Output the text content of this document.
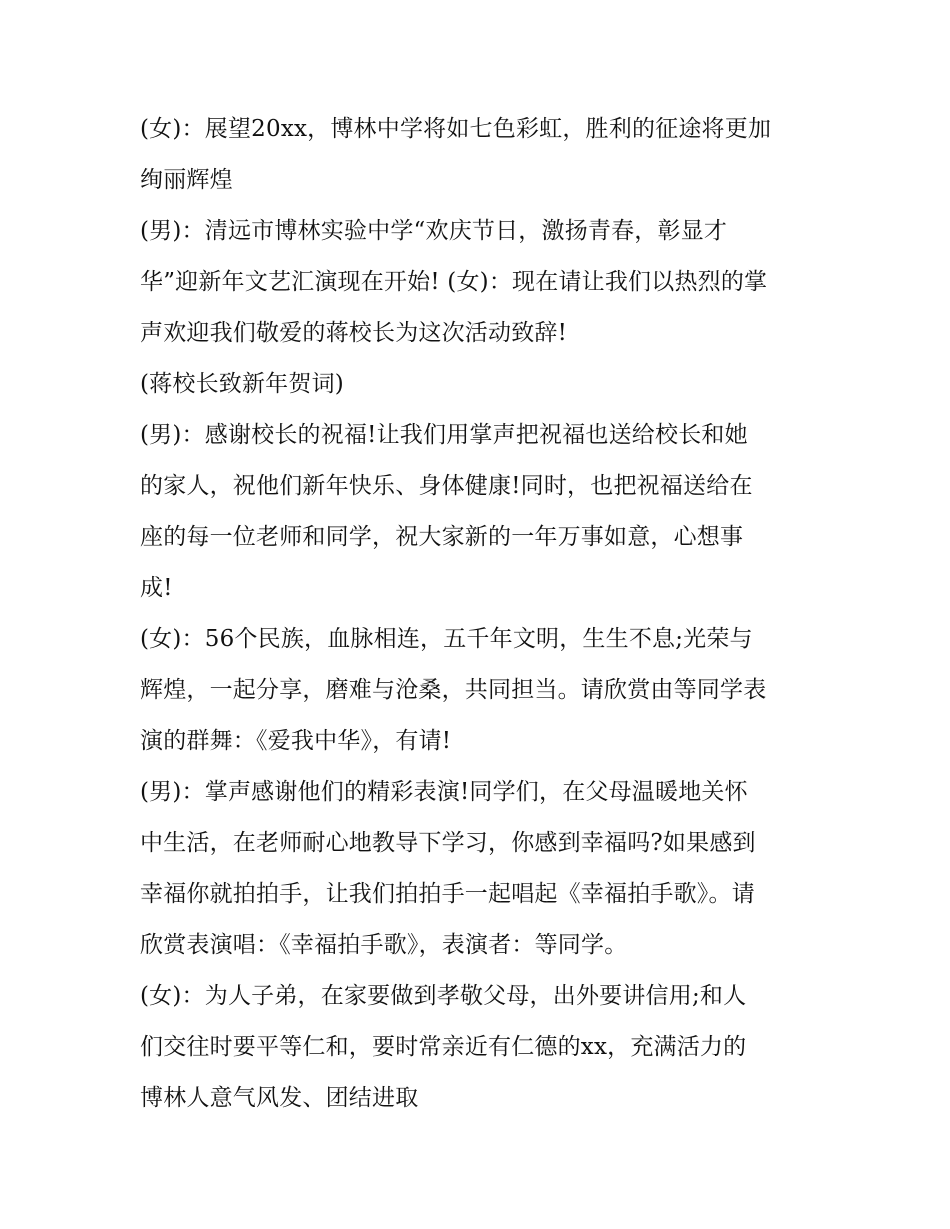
(女)：展望20xx，博林中学将如七色彩虹，胜利的征途将更加
绚丽辉煌
(男)：清远市博林实验中学“欢庆节日，激扬青春，彰显才
华”迎新年文艺汇演现在开始! (女)：现在请让我们以热烈的掌
声欢迎我们敬爱的蒋校长为这次活动致辞!
(蒋校长致新年贺词)
(男)：感谢校长的祝福!让我们用掌声把祝福也送给校长和她
的家人，祝他们新年快乐、身体健康!同时，也把祝福送给在
座的每一位老师和同学，祝大家新的一年万事如意，心想事
成!
(女)：56个民族，血脉相连，五千年文明，生生不息;光荣与
辉煌，一起分享，磨难与沧桑，共同担当。请欣赏由等同学表
演的群舞：《爱我中华》，有请!
(男)：掌声感谢他们的精彩表演!同学们，在父母温暖地关怀
中生活，在老师耐心地教导下学习，你感到幸福吗?如果感到
幸福你就拍拍手，让我们拍拍手一起唱起《幸福拍手歌》。请
欣赏表演唱：《幸福拍手歌》，表演者：等同学。
(女)：为人子弟，在家要做到孝敬父母，出外要讲信用;和人
们交往时要平等仁和，要时常亲近有仁德的xx，充满活力的
博林人意气风发、团结进取
